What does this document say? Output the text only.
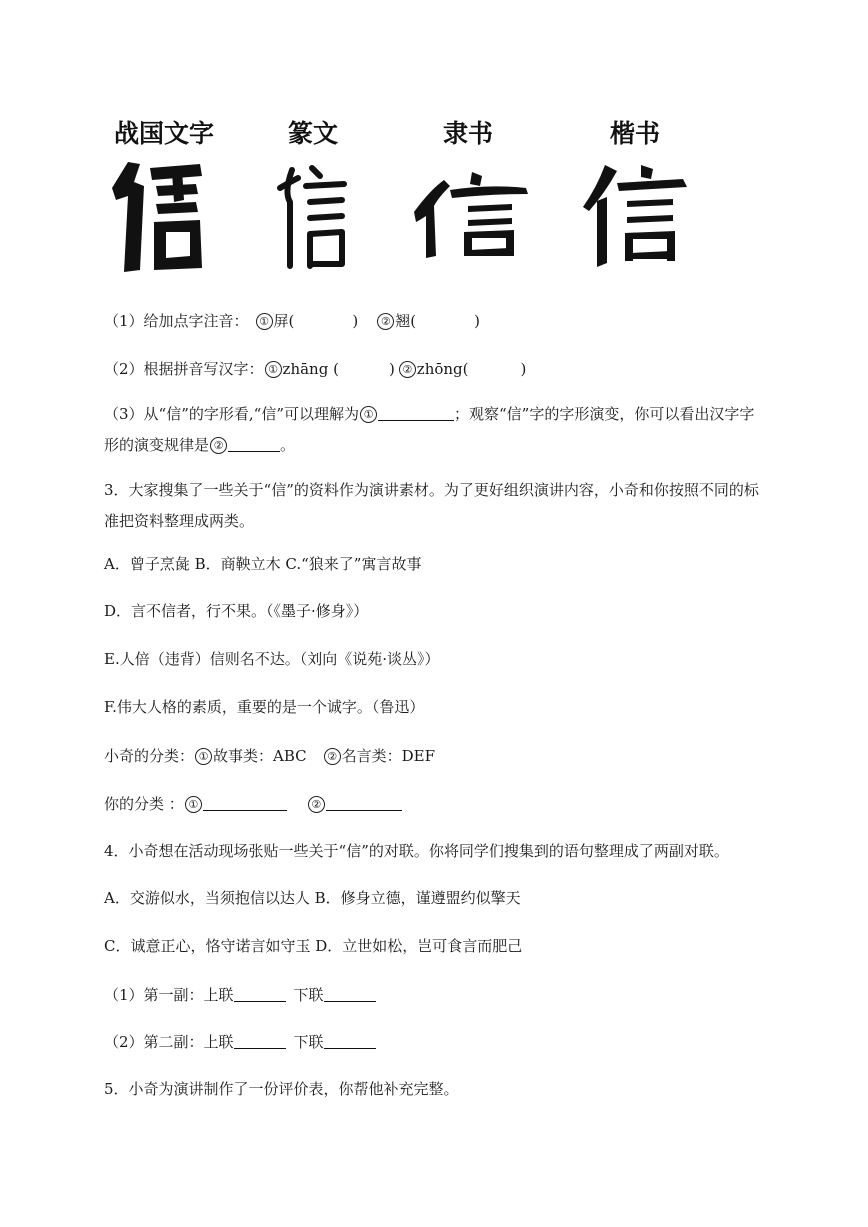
战国文字	篆文	隶书	楷书
（1）给加点字注音： ① 屏(	) ② 翘(	)
（2）根据拼音写汉字： ① zhāng (	) ② zhōng(	)
（3）从“信”的字形看,“信”可以理解为 ①	；观察“信”字的字形演变，你可以看出汉字字形的演变规律是 ②	。
3．大家搜集了一些关于“信”的资料作为演讲素材。为了更好组织演讲内容，小奇和你按照不同的标准把资料整理成两类。
A．曾子烹彘 B．商鞅立木 C.“狼来了”寓言故事
D．言不信者，行不果。（《墨子·修身》）
E.人倍（违背）信则名不达。（刘向《说苑·谈丛》）
F.伟大人格的素质，重要的是一个诚字。（鲁迅）
小奇的分类： ① 故事类：ABC ② 名言类：DEF
你的分类 ： ①	②
4．小奇想在活动现场张贴一些关于“信”的对联。你将同学们搜集到的语句整理成了两副对联。
A．交游似水，当须抱信以达人 B．修身立德，谨遵盟约似擎天
C．诚意正心，恪守诺言如守玉 D．立世如松，岂可食言而肥己
（1）第一副：上联	下联
（2）第二副：上联	下联
5．小奇为演讲制作了一份评价表，你帮他补充完整。
